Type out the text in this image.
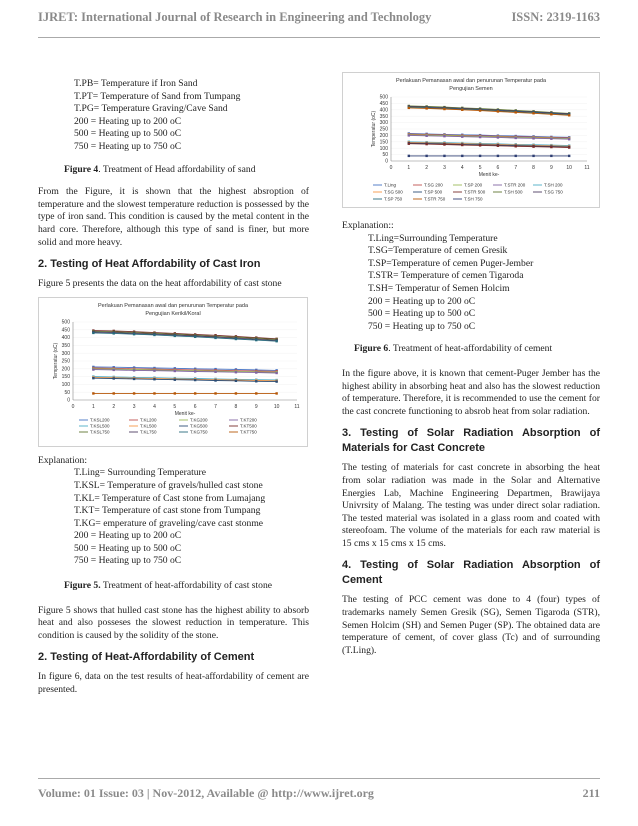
IJRET: International Journal of Research in Engineering and Technology	ISSN: 2319-1163
T.PB= Temperature if Iron Sand
T.PT= Temperature of Sand from Tumpang
T.PG= Temperature Graving/Cave Sand
200 = Heating up to 200 oC
500 = Heating up to 500 oC
750 = Heating up to 750 oC
Figure 4. Treatment of Head affordability of sand

From the Figure, it is shown that the highest absroption of temperature and the slowest temperature reduction is possessed by the type of iron sand. This condition is caused by the metal content in the hard core. Therefore, although this type of sand is finer, but more solid and more heavy.

2. Testing of Heat Affordability of Cast Iron

Figure 5 presents the data on the heat affordability of cast stone

Perlakuan Pemanasan awal dan penurunan Temperatur pada
Pengujian Kerikil/Koral
0
50
100
150
200
250
300
350
400
450
500
0	1	2	3	4	5	6	7	8	9	10	11
Menit ke-
Temperatur (oC)
T.KSL200	T.KL200	T.KG200	T.KT200
T.KSL500	T.KL500	T.KG500	T.KT500
T.KSL750	T.KL750	T.KG750	T.KT750
Explanation:
T.Ling= Surrounding Temperature
T.KSL= Temperature of gravels/hulled cast stone
T.KL= Temperature of Cast stone from Lumajang
T.KT= Temperature of cast stone from Tumpang
T.KG= emperature of graveling/cave cast stonme
200 = Heating up to 200 oC
500 = Heating up to 500 oC
750 = Heating up to 750 oC
Figure 5. Treatment of heat-affordability of cast stone

Figure 5 shows that hulled cast stone has the highest ability to absorb heat and also posseses the slowest reduction in temperature. This condition is caused by the solidity of the stone.

2. Testing of Heat-Affordability of Cement

In figure 6, data on the test results of heat-affordability of cement are presented.

Perlakuan Pemanasan awal dan penurunan Temperatur pada
Pengujian Semen
0
50
100
150
200
250
300
350
400
450
500
0	1	2	3	4	5	6	7	8	9	10 11
Menit ke-
Temperatur (oC)
T.Ling	T.SG 200	T.SP 200	T.STR 200	T.SH 200
T.SG 500	T.SP 500	T.STR 500	T.SH 500	T.SG 750
T.SP 750	T.STR 750	T.SH 750
Explanation::
T.Ling=Surrounding Temperature
T.SG=Temperature of cemen Gresik
T.SP=Temperature of cemen Puger-Jember
T.STR= Temperature of cemen Tigaroda
T.SH= Temperatur of Semen Holcim
200 = Heating up to 200 oC
500 = Heating up to 500 oC
750 = Heating up to 750 oC
Figure 6. Treatment of heat-affordability of cement

In the figure above, it is known that cement-Puger Jember has the highest ability in absorbing heat and also has the slowest reduction of temperature. Therefore, it is recommended to use the cement for the cast concrete functioning to absrob heat from solar radiation.

3. Testing of Solar Radiation Absorption of Materials for Cast Concrete

The testing of materials for cast concrete in absorbing the heat from solar radiation was made in the Solar and Alternative Energies Lab, Machine Engineering Departmen, Brawijaya Univrsity of Malang. The testing was under direct solar radiation. The tested material was isolated in a glass room and coated with stereofoam. The volume of the materials for each raw material is 15 cms x 15 cms x 15 cms.

4. Testing of Solar Radiation Absorption of Cement

The testing of PCC cement was done to 4 (four) types of trademarks namely Semen Gresik (SG), Semen Tigaroda (STR), Semen Holcim (SH) and Semen Puger (SP). The obtained data are temperature of cement, of cover glass (Tc) and of surrounding (T.Ling).

Volume: 01 Issue: 03 | Nov-2012, Available @ http://www.ijret.org	211
